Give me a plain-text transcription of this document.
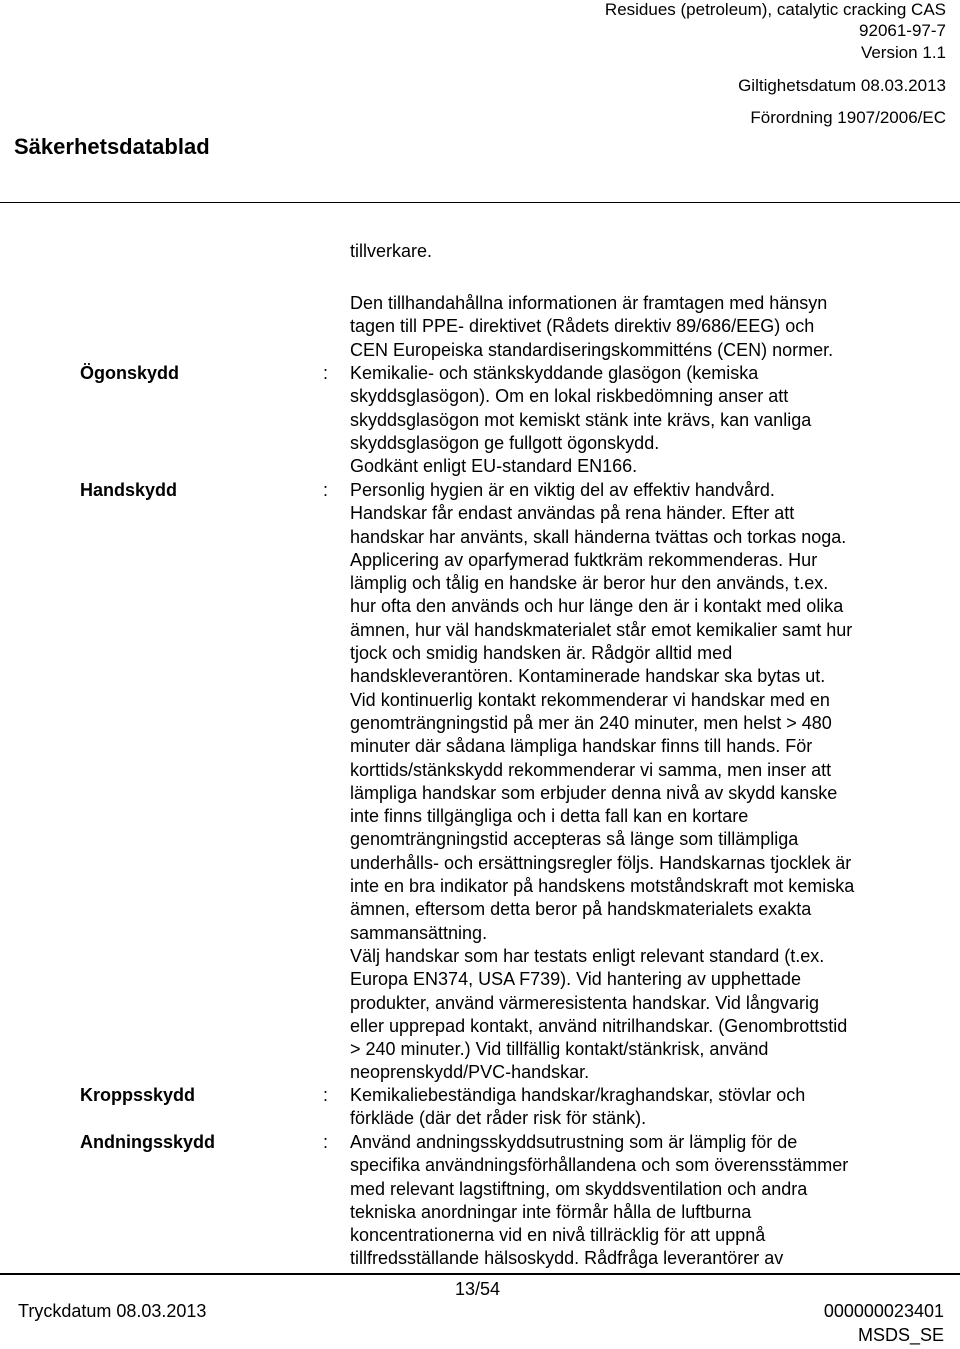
Residues (petroleum), catalytic cracking CAS
92061-97-7
Version 1.1
Giltighetsdatum 08.03.2013
Förordning 1907/2006/EC
Säkerhetsdatablad
tillverkare.
Den tillhandahållna informationen är framtagen med hänsyn
tagen till PPE- direktivet (Rådets direktiv 89/686/EEG) och
CEN Europeiska standardiseringskommitténs (CEN) normer.
Ögonskydd	: Kemikalie- och stänkskyddande glasögon (kemiska
skyddsglasögon). Om en lokal riskbedömning anser att
skyddsglasögon mot kemiskt stänk inte krävs, kan vanliga
skyddsglasögon ge fullgott ögonskydd.
Godkänt enligt EU-standard EN166.
Handskydd	: Personlig hygien är en viktig del av effektiv handvård.
Handskar får endast användas på rena händer. Efter att
handskar har använts, skall händerna tvättas och torkas noga.
Applicering av oparfymerad fuktkräm rekommenderas. Hur
lämplig och tålig en handske är beror hur den används, t.ex.
hur ofta den används och hur länge den är i kontakt med olika
ämnen, hur väl handskmaterialet står emot kemikalier samt hur
tjock och smidig handsken är. Rådgör alltid med
handskleverantören. Kontaminerade handskar ska bytas ut.
Vid kontinuerlig kontakt rekommenderar vi handskar med en
genomträngningstid på mer än 240 minuter, men helst > 480
minuter där sådana lämpliga handskar finns till hands. För
korttids/stänkskydd rekommenderar vi samma, men inser att
lämpliga handskar som erbjuder denna nivå av skydd kanske
inte finns tillgängliga och i detta fall kan en kortare
genomträngningstid accepteras så länge som tillämpliga
underhålls- och ersättningsregler följs. Handskarnas tjocklek är
inte en bra indikator på handskens motståndskraft mot kemiska
ämnen, eftersom detta beror på handskmaterialets exakta
sammansättning.
Välj handskar som har testats enligt relevant standard (t.ex.
Europa EN374, USA F739). Vid hantering av upphettade
produkter, använd värmeresistenta handskar. Vid långvarig
eller upprepad kontakt, använd nitrilhandskar. (Genombrottstid
> 240 minuter.) Vid tillfällig kontakt/stänkrisk, använd
neoprenskydd/PVC-handskar.
Kroppsskydd	: Kemikaliebeständiga handskar/kraghandskar, stövlar och
förkläde (där det råder risk för stänk).
Andningsskydd	: Använd andningsskyddsutrustning som är lämplig för de
specifika användningsförhållandena och som överensstämmer
med relevant lagstiftning, om skyddsventilation och andra
tekniska anordningar inte förmår hålla de luftburna
koncentrationerna vid en nivå tillräcklig för att uppnå
tillfredsställande hälsoskydd. Rådfråga leverantörer av
13/54
Tryckdatum 08.03.2013	000000023401
MSDS_SE
